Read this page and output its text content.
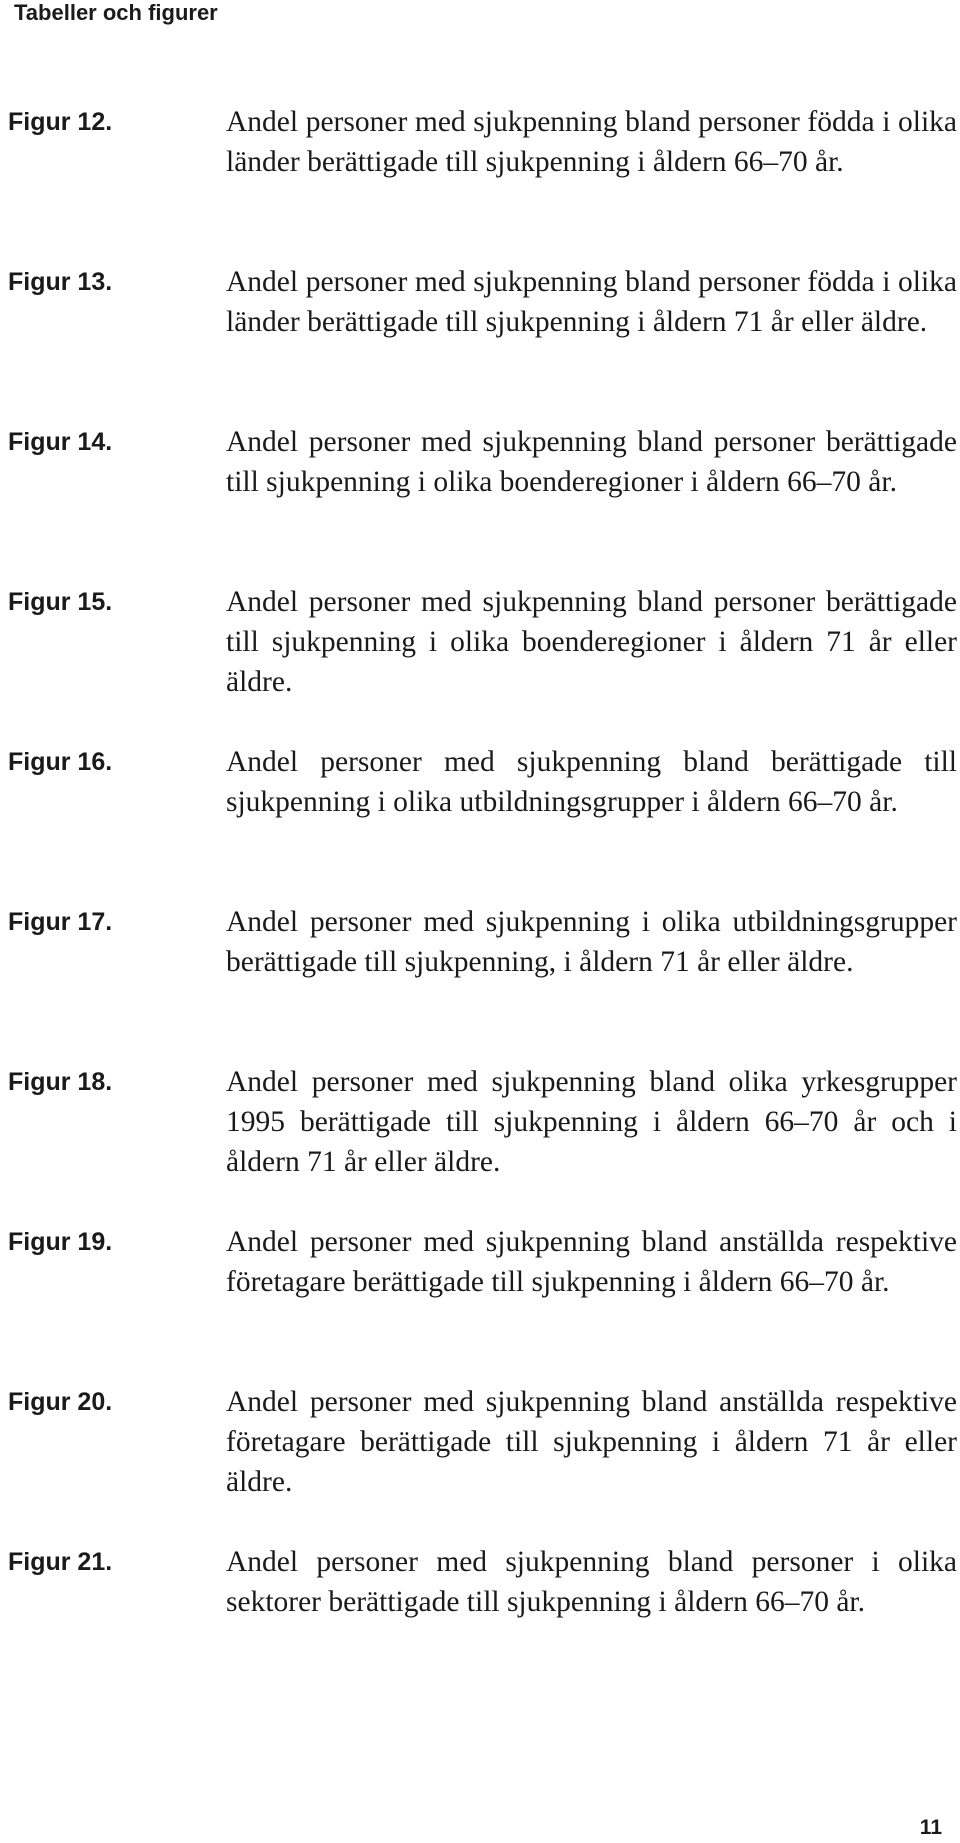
Tabeller och figurer
Figur 12.	Andel personer med sjukpenning bland personer födda i olika länder berättigade till sjukpenning i åldern 66–70 år.

Figur 13.	Andel personer med sjukpenning bland personer födda i olika länder berättigade till sjukpenning i åldern 71 år eller äldre.

Figur 14.	Andel personer med sjukpenning bland personer berättigade till sjukpenning i olika boenderegioner i åldern 66–70 år.

Figur 15.	Andel personer med sjukpenning bland personer berättigade till sjukpenning i olika boenderegioner i åldern 71 år eller äldre.

Figur 16.	Andel personer med sjukpenning bland berättigade till sjukpenning i olika utbildningsgrupper i åldern 66–70 år.

Figur 17.	Andel personer med sjukpenning i olika utbildningsgrupper berättigade till sjukpenning, i åldern 71 år eller äldre.

Figur 18.	Andel personer med sjukpenning bland olika yrkesgrupper 1995 berättigade till sjukpenning i åldern 66–70 år och i åldern 71 år eller äldre.

Figur 19.	Andel personer med sjukpenning bland anställda respektive företagare berättigade till sjukpenning i åldern 66–70 år.

Figur 20.	Andel personer med sjukpenning bland anställda respektive företagare berättigade till sjukpenning i åldern 71 år eller äldre.

Figur 21.	Andel personer med sjukpenning bland personer i olika sektorer berättigade till sjukpenning i åldern 66–70 år.

11
